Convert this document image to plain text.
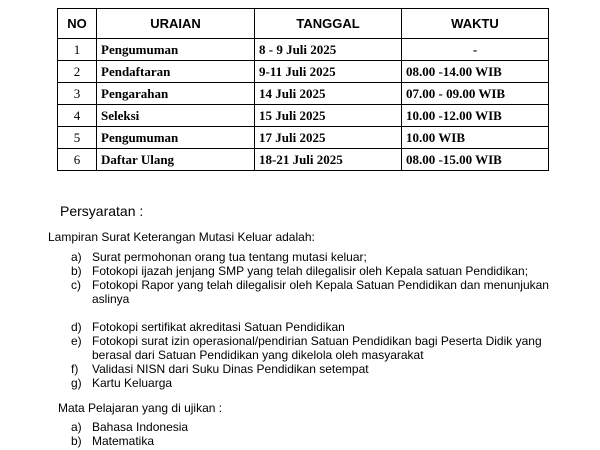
NO	URAIAN	TANGGAL	WAKTU
1	Pengumuman	8 - 9 Juli 2025	-
2	Pendaftaran	9-11 Juli 2025	08.00 -14.00 WIB
3	Pengarahan	14 Juli 2025	07.00 - 09.00 WIB
4	Seleksi	15 Juli 2025	10.00 -12.00 WIB
5	Pengumuman	17 Juli 2025	10.00 WIB
6	Daftar Ulang	18-21 Juli 2025	08.00 -15.00 WIB

Persyaratan :

Lampiran Surat Keterangan Mutasi Keluar adalah:

a) Surat permohonan orang tua tentang mutasi keluar;
b) Fotokopi ijazah jenjang SMP yang telah dilegalisir oleh Kepala satuan Pendidikan;
c) Fotokopi Rapor yang telah dilegalisir oleh Kepala Satuan Pendidikan dan menunjukan aslinya
d) Fotokopi sertifikat akreditasi Satuan Pendidikan
e) Fotokopi surat izin operasional/pendirian Satuan Pendidikan bagi Peserta Didik yang berasal dari Satuan Pendidikan yang dikelola oleh masyarakat
f)	Validasi NISN dari Suku Dinas Pendidikan setempat
g) Kartu Keluarga

Mata Pelajaran yang di ujikan :

a) Bahasa Indonesia
b) Matematika
